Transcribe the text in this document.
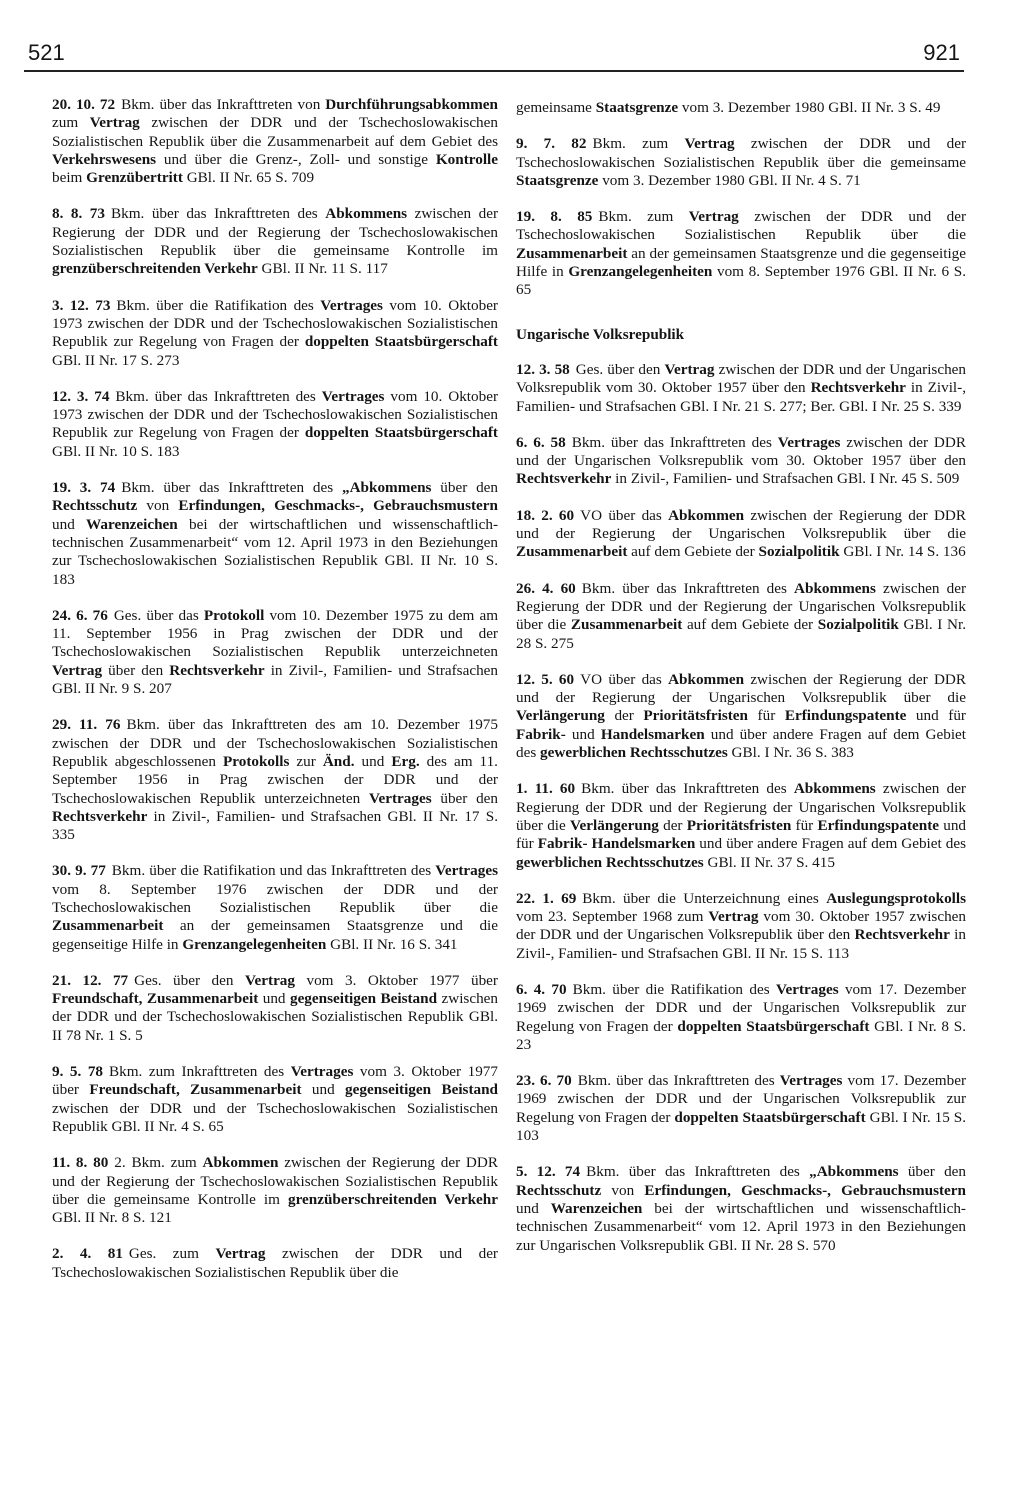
521	921

20. 10. 72 Bkm. über das Inkrafttreten von Durchführungsabkommen zum Vertrag zwischen der DDR und der Tschechoslowakischen Sozialistischen Republik über die Zusammenarbeit auf dem Gebiet des Verkehrswesens und über die Grenz-, Zoll- und sonstige Kontrolle beim Grenzübertritt GBl. II Nr. 65 S. 709

8. 8. 73 Bkm. über das Inkrafttreten des Abkommens zwischen der Regierung der DDR und der Regierung der Tschechoslowakischen Sozialistischen Republik über die gemeinsame Kontrolle im grenzüberschreitenden Verkehr GBl. II Nr. 11 S. 117

3. 12. 73 Bkm. über die Ratifikation des Vertrages vom 10. Oktober 1973 zwischen der DDR und der Tschechoslowakischen Sozialistischen Republik zur Regelung von Fragen der doppelten Staatsbürgerschaft GBl. II Nr. 17 S. 273

12. 3. 74 Bkm. über das Inkrafttreten des Vertrages vom 10. Oktober 1973 zwischen der DDR und der Tschechoslowakischen Sozialistischen Republik zur Regelung von Fragen der doppelten Staatsbürgerschaft GBl. II Nr. 10 S. 183

19. 3. 74 Bkm. über das Inkrafttreten des „Abkommens über den Rechtsschutz von Erfindungen, Geschmacks-, Gebrauchsmustern und Warenzeichen bei der wirtschaftlichen und wissenschaftlich-technischen Zusammenarbeit“ vom 12. April 1973 in den Beziehungen zur Tschechoslowakischen Sozialistischen Republik GBl. II Nr. 10 S. 183

24. 6. 76 Ges. über das Protokoll vom 10. Dezember 1975 zu dem am 11. September 1956 in Prag zwischen der DDR und der Tschechoslowakischen Sozialistischen Republik unterzeichneten Vertrag über den Rechtsverkehr in Zivil-, Familien- und Strafsachen GBl. II Nr. 9 S. 207

29. 11. 76 Bkm. über das Inkrafttreten des am 10. Dezember 1975 zwischen der DDR und der Tschechoslowakischen Sozialistischen Republik abgeschlossenen Protokolls zur Änd. und Erg. des am 11. September 1956 in Prag zwischen der DDR und der Tschechoslowakischen Republik unterzeichneten Vertrages über den Rechtsverkehr in Zivil-, Familien- und Strafsachen GBl. II Nr. 17 S. 335

30. 9. 77 Bkm. über die Ratifikation und das Inkrafttreten des Vertrages vom 8. September 1976 zwischen der DDR und der Tschechoslowakischen Sozialistischen Republik über die Zusammenarbeit an der gemeinsamen Staatsgrenze und die gegenseitige Hilfe in Grenzangelegenheiten GBl. II Nr. 16 S. 341

21. 12. 77 Ges. über den Vertrag vom 3. Oktober 1977 über Freundschaft, Zusammenarbeit und gegenseitigen Beistand zwischen der DDR und der Tschechoslowakischen Sozialistischen Republik GBl. II 78 Nr. 1 S. 5

9. 5. 78 Bkm. zum Inkrafttreten des Vertrages vom 3. Oktober 1977 über Freundschaft, Zusammenarbeit und gegenseitigen Beistand zwischen der DDR und der Tschechoslowakischen Sozialistischen Republik GBl. II Nr. 4 S. 65

11. 8. 80 2. Bkm. zum Abkommen zwischen der Regierung der DDR und der Regierung der Tschechoslowakischen Sozialistischen Republik über die gemeinsame Kontrolle im grenzüberschreitenden Verkehr GBl. II Nr. 8 S. 121

2. 4. 81 Ges. zum Vertrag zwischen der DDR und der Tschechoslowakischen Sozialistischen Republik über die

gemeinsame Staatsgrenze vom 3. Dezember 1980 GBl. II Nr. 3 S. 49

9. 7. 82 Bkm. zum Vertrag zwischen der DDR und der Tschechoslowakischen Sozialistischen Republik über die gemeinsame Staatsgrenze vom 3. Dezember 1980 GBl. II Nr. 4 S. 71

19. 8. 85 Bkm. zum Vertrag zwischen der DDR und der Tschechoslowakischen Sozialistischen Republik über die Zusammenarbeit an der gemeinsamen Staatsgrenze und die gegenseitige Hilfe in Grenzangelegenheiten vom 8. September 1976 GBl. II Nr. 6 S. 65

Ungarische Volksrepublik

12. 3. 58 Ges. über den Vertrag zwischen der DDR und der Ungarischen Volksrepublik vom 30. Oktober 1957 über den Rechtsverkehr in Zivil-, Familien- und Strafsachen GBl. I Nr. 21 S. 277; Ber. GBl. I Nr. 25 S. 339

6. 6. 58 Bkm. über das Inkrafttreten des Vertrages zwischen der DDR und der Ungarischen Volksrepublik vom 30. Oktober 1957 über den Rechtsverkehr in Zivil-, Familien- und Strafsachen GBl. I Nr. 45 S. 509

18. 2. 60 VO über das Abkommen zwischen der Regierung der DDR und der Regierung der Ungarischen Volksrepublik über die Zusammenarbeit auf dem Gebiete der Sozialpolitik GBl. I Nr. 14 S. 136

26. 4. 60 Bkm. über das Inkrafttreten des Abkommens zwischen der Regierung der DDR und der Regierung der Ungarischen Volksrepublik über die Zusammenarbeit auf dem Gebiete der Sozialpolitik GBl. I Nr. 28 S. 275

12. 5. 60 VO über das Abkommen zwischen der Regierung der DDR und der Regierung der Ungarischen Volksrepublik über die Verlängerung der Prioritätsfristen für Erfindungspatente und für Fabrik- und Handelsmarken und über andere Fragen auf dem Gebiet des gewerblichen Rechtsschutzes GBl. I Nr. 36 S. 383

1. 11. 60 Bkm. über das Inkrafttreten des Abkommens zwischen der Regierung der DDR und der Regierung der Ungarischen Volksrepublik über die Verlängerung der Prioritätsfristen für Erfindungspatente und für Fabrik- Handelsmarken und über andere Fragen auf dem Gebiet des gewerblichen Rechtsschutzes GBl. II Nr. 37 S. 415

22. 1. 69 Bkm. über die Unterzeichnung eines Auslegungsprotokolls vom 23. September 1968 zum Vertrag vom 30. Oktober 1957 zwischen der DDR und der Ungarischen Volksrepublik über den Rechtsverkehr in Zivil-, Familien- und Strafsachen GBl. II Nr. 15 S. 113

6. 4. 70 Bkm. über die Ratifikation des Vertrages vom 17. Dezember 1969 zwischen der DDR und der Ungarischen Volksrepublik zur Regelung von Fragen der doppelten Staatsbürgerschaft GBl. I Nr. 8 S. 23

23. 6. 70 Bkm. über das Inkrafttreten des Vertrages vom 17. Dezember 1969 zwischen der DDR und der Ungarischen Volksrepublik zur Regelung von Fragen der doppelten Staatsbürgerschaft GBl. I Nr. 15 S. 103

5. 12. 74 Bkm. über das Inkrafttreten des „Abkommens über den Rechtsschutz von Erfindungen, Geschmacks-, Gebrauchsmustern und Warenzeichen bei der wirtschaftlichen und wissenschaftlich-technischen Zusammenarbeit“ vom 12. April 1973 in den Beziehungen zur Ungarischen Volksrepublik GBl. II Nr. 28 S. 570
